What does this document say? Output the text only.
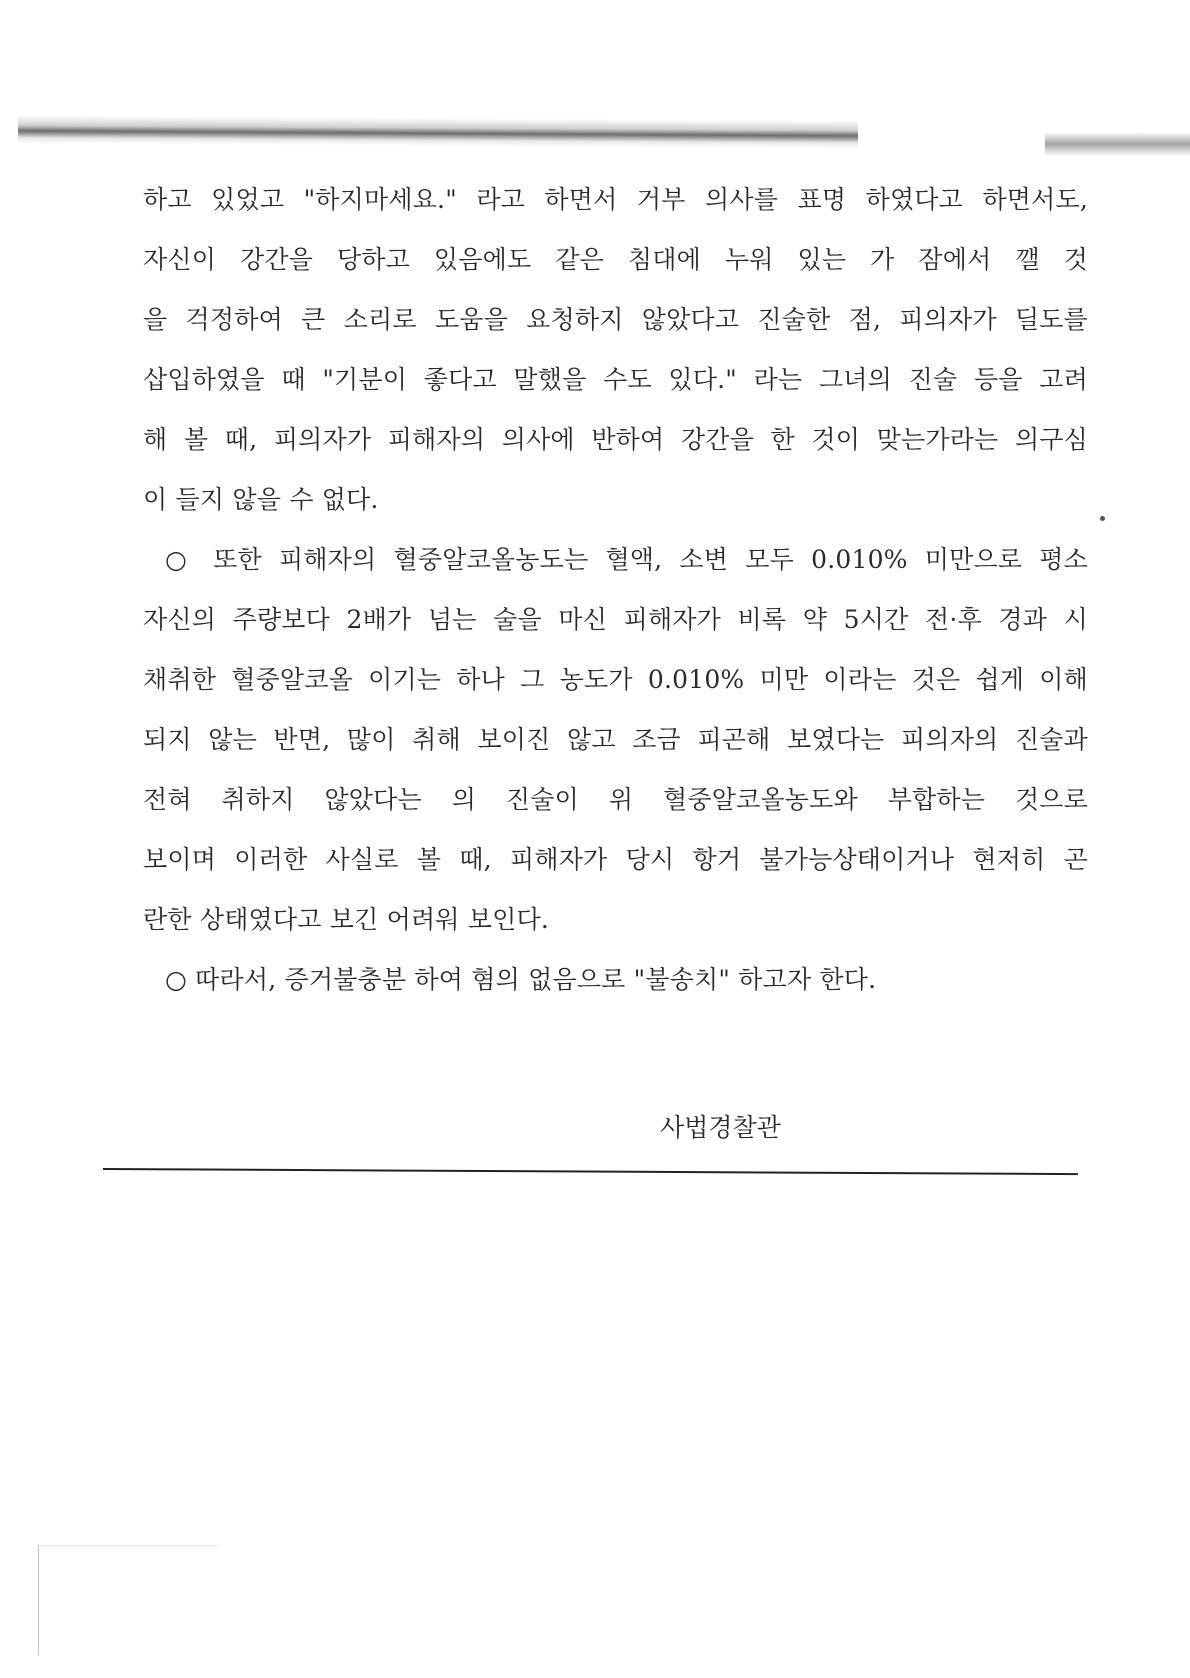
하고 있었고 "하지마세요." 라고 하면서 거부 의사를 표명 하였다고 하면서도,
자신이 강간을 당하고 있음에도 같은 침대에 누워 있는 가 잠에서 깰 것
을 걱정하여 큰 소리로 도움을 요청하지 않았다고 진술한 점, 피의자가 딜도를
삽입하였을 때 "기분이 좋다고 말했을 수도 있다." 라는 그녀의 진술 등을 고려
해 볼 때, 피의자가 피해자의 의사에 반하여 강간을 한 것이 맞는가라는 의구심
이 들지 않을 수 없다.
○ 또한 피해자의 혈중알코올농도는 혈액, 소변 모두 0.010% 미만으로 평소
자신의 주량보다 2배가 넘는 술을 마신 피해자가 비록 약 5시간 전·후 경과 시
채취한 혈중알코올 이기는 하나 그 농도가 0.010% 미만 이라는 것은 쉽게 이해
되지 않는 반면, 많이 취해 보이진 않고 조금 피곤해 보였다는 피의자의 진술과
전혀 취하지 않았다는 의 진술이 위 혈중알코올농도와 부합하는 것으로
보이며 이러한 사실로 볼 때, 피해자가 당시 항거 불가능상태이거나 현저히 곤
란한 상태였다고 보긴 어려워 보인다.
○ 따라서, 증거불충분 하여 혐의 없음으로 "불송치" 하고자 한다.
사법경찰관
